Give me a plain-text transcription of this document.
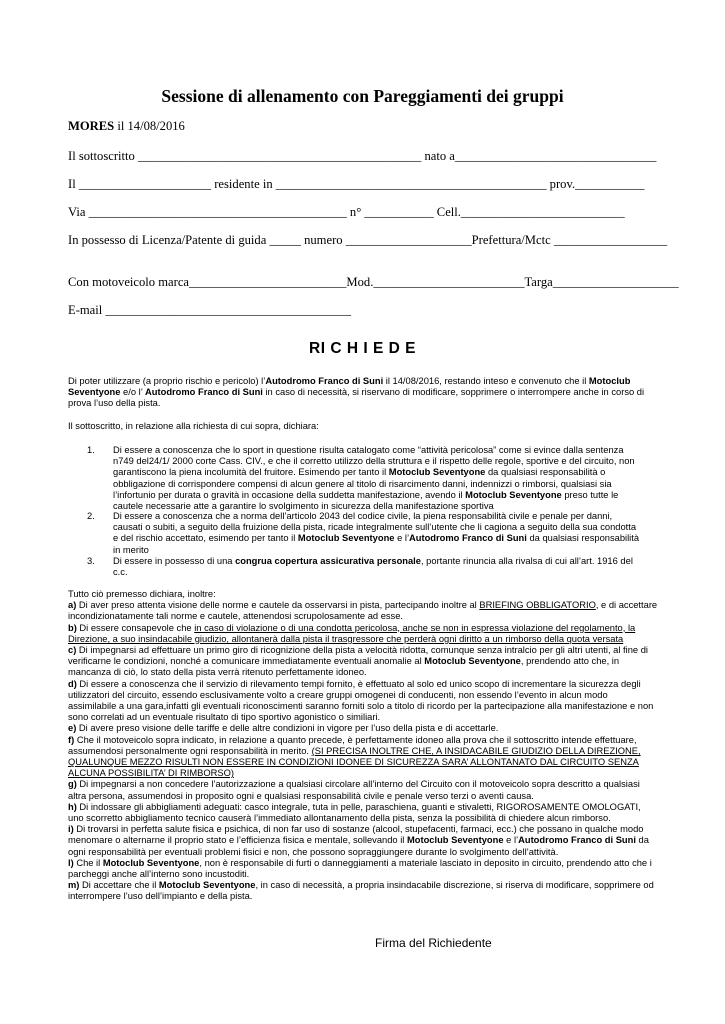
Sessione di allenamento con Pareggiamenti dei gruppi
MORES il 14/08/2016
Il sottoscritto _____________________________________________ nato a________________________________
Il _____________________ residente in ___________________________________________ prov.___________
Via _________________________________________ n° ___________ Cell.__________________________
In possesso di Licenza/Patente di guida _____ numero ____________________Prefettura/Mctc __________________
Con motoveicolo marca_________________________Mod.________________________Targa____________________
E-mail _______________________________________
RI C H I E D E
Di poter utilizzare (a proprio rischio e pericolo) l’Autodromo Franco di Suni il 14/08/2016, restando inteso e convenuto che il Motoclub Seventyone e/o l’ Autodromo Franco di Suni in caso di necessità, si riservano di modificare, sopprimere o interrompere anche in corso di prova l’uso della pista.
Il sottoscritto, in relazione alla richiesta di cui sopra, dichiara:
1. Di essere a conoscenza che lo sport in questione risulta catalogato come “attività pericolosa” come si evince dalla sentenza n749 del24/1/ 2000 corte Cass. CIV., e che il corretto utilizzo della struttura e il rispetto delle regole, sportive e del circuito, non garantiscono la piena incolumità del fruitore. Esimendo per tanto il Motoclub Seventyone da qualsiasi responsabilità o obbligazione di corrispondere compensi di alcun genere al titolo di risarcimento danni, indennizzi o rimborsi, qualsiasi sia l’infortunio per durata o gravità in occasione della suddetta manifestazione, avendo il Motoclub Seventyone preso tutte le cautele necessarie atte a garantire lo svolgimento in sicurezza della manifestazione sportiva
2. Di essere a conoscenza che a norma dell’articolo 2043 del codice civile, la piena responsabilità civile e penale per danni, causati o subiti, a seguito della fruizione della pista, ricade integralmente sull’utente che li cagiona a seguito della sua condotta e del rischio accettato, esimendo per tanto il Motoclub Seventyone e l’Autodromo Franco di Suni da qualsiasi responsabilità in merito
3. Di essere in possesso di una congrua copertura assicurativa personale, portante rinuncia alla rivalsa di cui all’art. 1916 del c.c.

Tutto ciò premesso dichiara, inoltre:

a) Di aver preso attenta visione delle norme e cautele da osservarsi in pista, partecipando inoltre al BRIEFING OBBLIGATORIO, e di accettare incondizionatamente tali norme e cautele, attenendosi scrupolosamente ad esse.

b) Di essere consapevole che in caso di violazione o di una condotta pericolosa, anche se non in espressa violazione del regolamento, la Direzione, a suo insindacabile giudizio, allontanerà dalla pista il trasgressore che perderà ogni diritto a un rimborso della quota versata

c) Di impegnarsi ad effettuare un primo giro di ricognizione della pista a velocità ridotta, comunque senza intralcio per gli altri utenti, al fine di verificarne le condizioni, nonché a comunicare immediatamente eventuali anomalie al Motoclub Seventyone, prendendo atto che, in mancanza di ciò, lo stato della pista verrà ritenuto perfettamente idoneo.

d) Di essere a conoscenza che il servizio di rilevamento tempi fornito, è effettuato al solo ed unico scopo di incrementare la sicurezza degli utilizzatori del circuito, essendo esclusivamente volto a creare gruppi omogenei di conducenti, non essendo l’evento in alcun modo assimilabile a una gara,infatti gli eventuali riconoscimenti saranno forniti solo a titolo di ricordo per la partecipazione alla manifestazione e non sono correlati ad un eventuale risultato di tipo sportivo agonistico o similiari.

e) Di avere preso visione delle tariffe e delle altre condizioni in vigore per l’uso della pista e di accettarle.

f) Che il motoveicolo sopra indicato, in relazione a quanto precede, è perfettamente idoneo alla prova che il sottoscritto intende effettuare, assumendosi personalmente ogni responsabilità in merito. (SI PRECISA INOLTRE CHE, A INSIDACABILE GIUDIZIO DELLA DIREZIONE, QUALUNQUE MEZZO RISULTI NON ESSERE IN CONDIZIONI IDONEE DI SICUREZZA SARA’ ALLONTANATO DAL CIRCUITO SENZA ALCUNA POSSIBILITA’ DI RIMBORSO)

g) Di impegnarsi a non concedere l’autorizzazione a qualsiasi circolare all’interno del Circuito con il motoveicolo sopra descritto a qualsiasi altra persona, assumendosi in proposito ogni e qualsiasi responsabilità civile e penale verso terzi o aventi causa.

h) Di indossare gli abbigliamenti adeguati: casco integrale, tuta in pelle, paraschiena, guanti e stivaletti, RIGOROSAMENTE OMOLOGATI, uno scorretto abbigliamento tecnico causerà l’immediato allontanamento della pista, senza la possibilità di chiedere alcun rimborso.

i) Di trovarsi in perfetta salute fisica e psichica, di non far uso di sostanze (alcool, stupefacenti, farmaci, ecc.) che possano in qualche modo menomare o alternarne il proprio stato e l’efficienza fisica e mentale, sollevando il Motoclub Seventyone e l’Autodromo Franco di Suni da ogni responsabilità per eventuali problemi fisici e non, che possono sopraggiungere durante lo svolgimento dell’attività.

l) Che il Motoclub Seventyone, non è responsabile di furti o danneggiamenti a materiale lasciato in deposito in circuito, prendendo atto che i parcheggi anche all’interno sono incustoditi.

m) Di accettare che il Motoclub Seventyone, in caso di necessità, a propria insindacabile discrezione, si riserva di modificare, sopprimere od interrompere l’uso dell’impianto e della pista.

Firma del Richiedente
